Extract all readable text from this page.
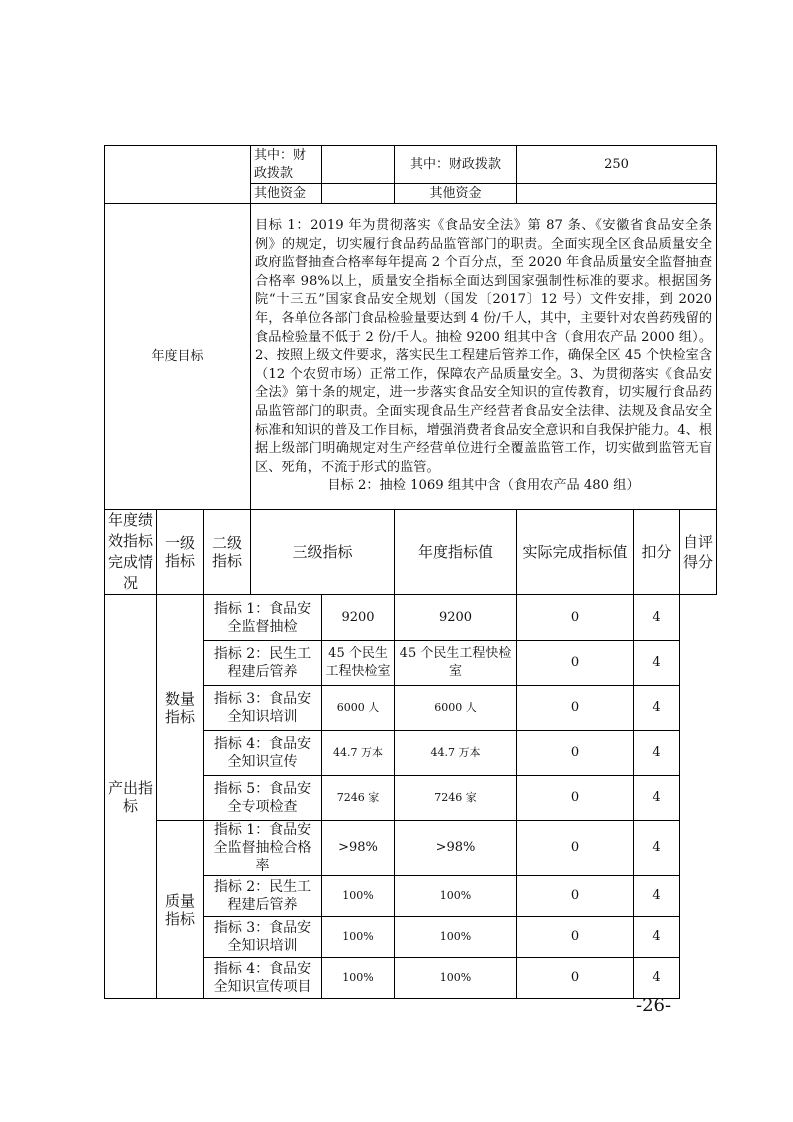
			其中：财政拨款		其中：财政拨款	250		
			其他资金		其他资金			
年度目标			目标 1：2019 年为贯彻落实《食品安全法》第 87 条、《安徽省食品安全条例》的规定，切实履行食品药品监管部门的职责。全面实现全区食品质量安全政府监督抽查合格率每年提高 2 个百分点，至 2020 年食品质量安全监督抽查合格率 98%以上，质量安全指标全面达到国家强制性标准的要求。根据国务院“十三五”国家食品安全规划（国发〔2017〕12 号）文件安排，到 2020 年，各单位各部门食品检验量要达到 4 份/千人，其中，主要针对农兽药残留的食品检验量不低于 2 份/千人。抽检 9200 组其中含（食用农产品 2000 组）。2、按照上级文件要求，落实民生工程建后管养工作，确保全区 45 个快检室含（12 个农贸市场）正常工作，保障农产品质量安全。3、为贯彻落实《食品安全法》第十条的规定，进一步落实食品安全知识的宣传教育，切实履行食品药品监管部门的职责。全面实现食品生产经营者食品安全法律、法规及食品安全标准和知识的普及工作目标，增强消费者食品安全意识和自我保护能力。4、根据上级部门明确规定对生产经营单位进行全覆盖监管工作，切实做到监管无盲区、死角，不流于形式的监管。
目标 2：抽检 1069 组其中含（食用农产品 480 组）					

年度绩效指标完成情况	一级指标	二级指标	三级指标		年度指标值	实际完成指标值	扣分	自评得分
产出指标	数量指标	指标 1：食品安全监督抽检		9200	9200	0	4	
		指标 2：民生工程建后管养		45 个民生工程快检室	45 个民生工程快检室	0	4	
		指标 3：食品安全知识培训		6000 人	6000 人	0	4	
		指标 4：食品安全知识宣传		44.7 万本	44.7 万本	0	4	
		指标 5：食品安全专项检查		7246 家	7246 家	0	4	
	质量指标	指标 1：食品安全监督抽检合格率		>98%	>98%	0	4	
		指标 2：民生工程建后管养		100%	100%	0	4	
		指标 3：食品安全知识培训		100%	100%	0	4	
		指标 4：食品安全知识宣传项目		100%	100%	0	4	
-26-
